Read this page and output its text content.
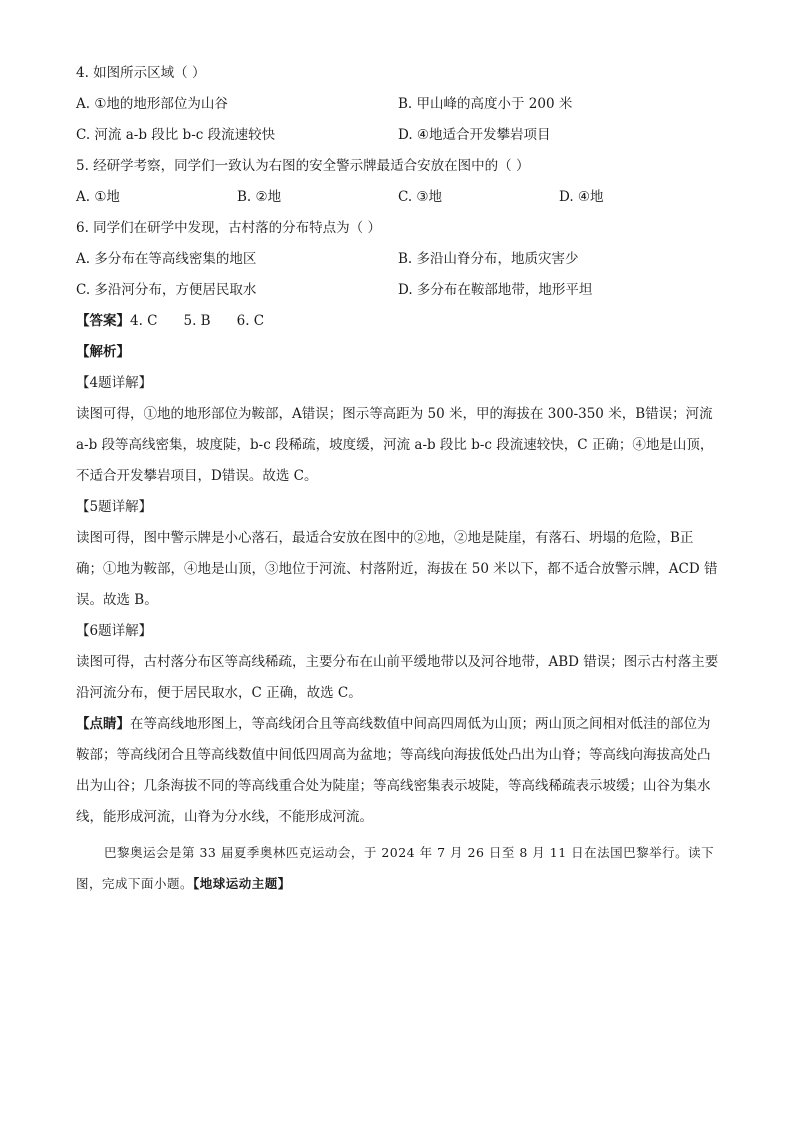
4. 如图所示区域（ ）
A. ①地的地形部位为山谷	B. 甲山峰的高度小于 200 米
C. 河流 a-b 段比 b-c 段流速较快	D. ④地适合开发攀岩项目
5. 经研学考察，同学们一致认为右图的安全警示牌最适合安放在图中的（ ）
A. ①地	B. ②地	C. ③地	D. ④地
6. 同学们在研学中发现，古村落的分布特点为（ ）
A. 多分布在等高线密集的地区	B. 多沿山脊分布，地质灾害少
C. 多沿河分布，方便居民取水	D. 多分布在鞍部地带，地形平坦
【答案】4. C 5. B 6. C
【解析】
【4题详解】
读图可得，①地的地形部位为鞍部，A错误；图示等高距为 50 米，甲的海拔在 300-350 米，B错误；河流 a-b 段等高线密集，坡度陡，b-c 段稀疏，坡度缓，河流 a-b 段比 b-c 段流速较快，C 正确；④地是山顶，不适合开发攀岩项目，D错误。故选 C。
【5题详解】
读图可得，图中警示牌是小心落石，最适合安放在图中的②地，②地是陡崖，有落石、坍塌的危险，B正确；①地为鞍部，④地是山顶，③地位于河流、村落附近，海拔在 50 米以下，都不适合放警示牌，ACD 错误。故选 B。
【6题详解】
读图可得，古村落分布区等高线稀疏，主要分布在山前平缓地带以及河谷地带，ABD 错误；图示古村落主要沿河流分布，便于居民取水，C 正确，故选 C。
【点睛】在等高线地形图上，等高线闭合且等高线数值中间高四周低为山顶；两山顶之间相对低洼的部位为鞍部；等高线闭合且等高线数值中间低四周高为盆地；等高线向海拔低处凸出为山脊；等高线向海拔高处凸出为山谷；几条海拔不同的等高线重合处为陡崖；等高线密集表示坡陡，等高线稀疏表示坡缓；山谷为集水线，能形成河流，山脊为分水线，不能形成河流。
巴黎奥运会是第 33 届夏季奥林匹克运动会，于 2024 年 7 月 26 日至 8 月 11 日在法国巴黎举行。读下图，完成下面小题。【地球运动主题】
